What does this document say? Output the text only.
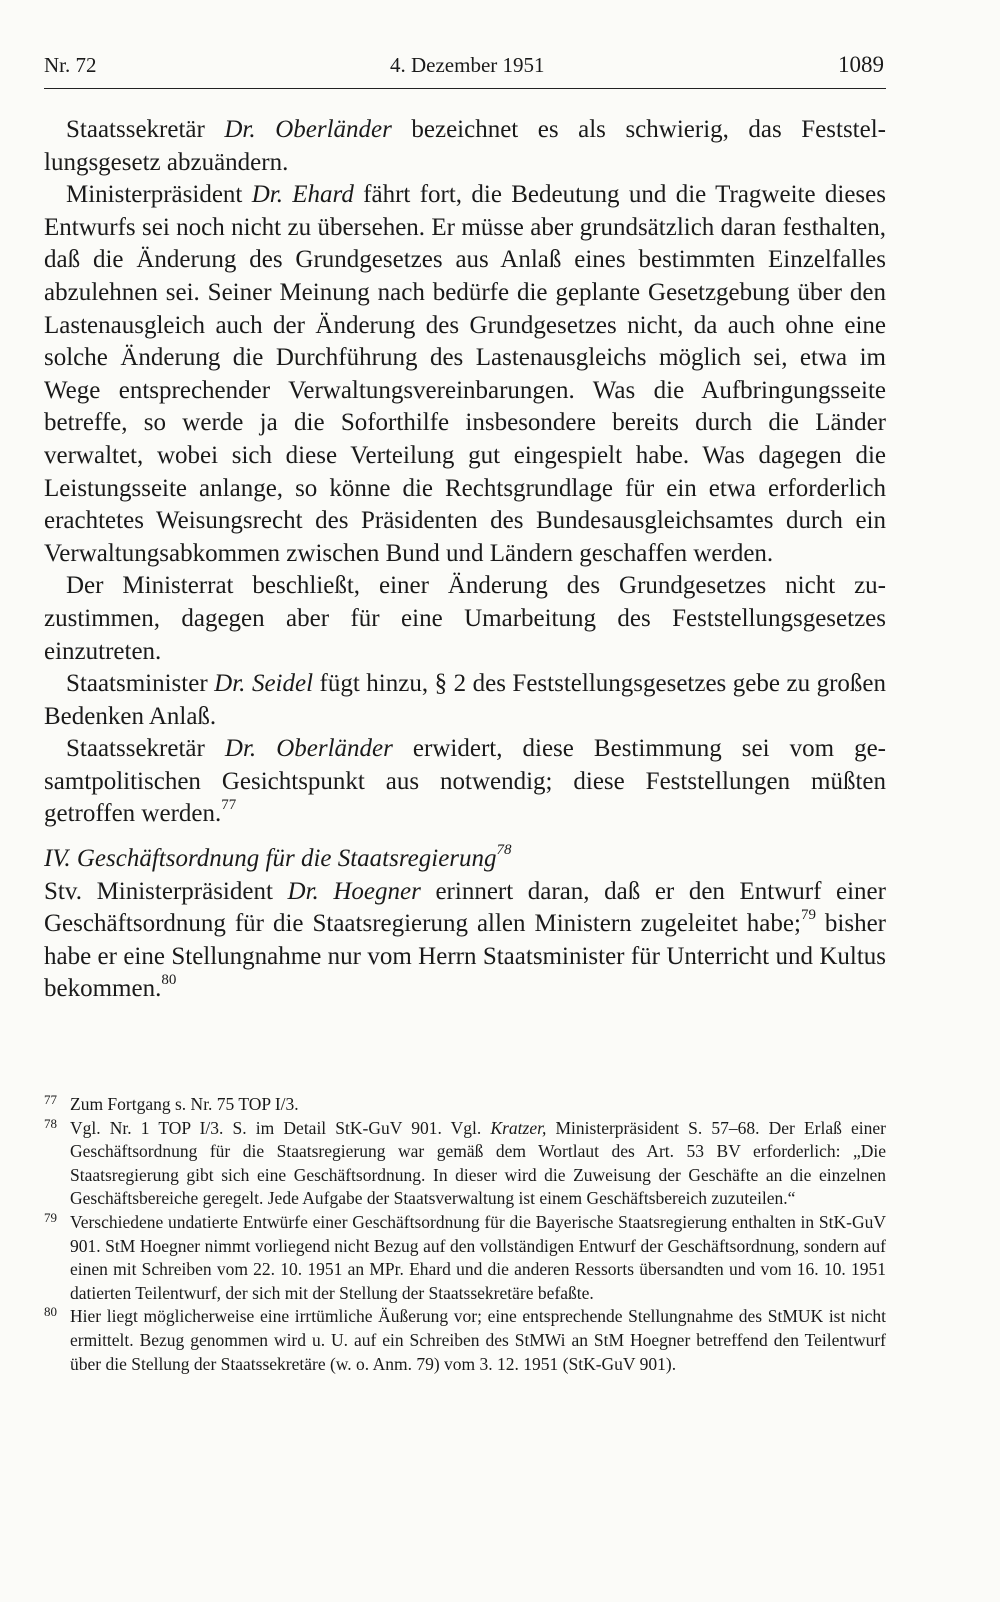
Nr. 72	4. Dezember 1951	1089

Staatssekretär Dr. Oberländer bezeichnet es als schwierig, das Feststellungsgesetz abzuändern.

Ministerpräsident Dr. Ehard fährt fort, die Bedeutung und die Tragweite dieses Entwurfs sei noch nicht zu übersehen. Er müsse aber grundsätzlich daran festhalten, daß die Änderung des Grundgesetzes aus Anlaß eines bestimmten Einzelfalles abzulehnen sei. Seiner Meinung nach bedürfe die geplante Gesetzgebung über den Lastenausgleich auch der Änderung des Grundgesetzes nicht, da auch ohne eine solche Änderung die Durchführung des Lastenausgleichs möglich sei, etwa im Wege entsprechender Verwaltungsvereinbarungen. Was die Aufbringungsseite betreffe, so werde ja die Soforthilfe insbesondere bereits durch die Länder verwaltet, wobei sich diese Verteilung gut eingespielt habe. Was dagegen die Leistungsseite anlange, so könne die Rechtsgrundlage für ein etwa erforderlich erachtetes Weisungsrecht des Präsidenten des Bundesausgleichsamtes durch ein Verwaltungsabkommen zwischen Bund und Ländern geschaffen werden.

Der Ministerrat beschließt, einer Änderung des Grundgesetzes nicht zuzustimmen, dagegen aber für eine Umarbeitung des Feststellungsgesetzes einzutreten.

Staatsminister Dr. Seidel fügt hinzu, § 2 des Feststellungsgesetzes gebe zu großen Bedenken Anlaß.

Staatssekretär Dr. Oberländer erwidert, diese Bestimmung sei vom gesamtpolitischen Gesichtspunkt aus notwendig; diese Feststellungen müßten getroffen werden.$^{77}$

IV. Geschäftsordnung für die Staatsregierung$^{78}$

Stv. Ministerpräsident Dr. Hoegner erinnert daran, daß er den Entwurf einer Geschäftsordnung für die Staatsregierung allen Ministern zugeleitet habe;$^{79}$ bisher habe er eine Stellungnahme nur vom Herrn Staatsminister für Unterricht und Kultus bekommen.$^{80}$

77 Zum Fortgang s. Nr. 75 TOP I/3.

78 Vgl. Nr. 1 TOP I/3. S. im Detail StK-GuV 901. Vgl. Kratzer, Ministerpräsident S. 57–68. Der Erlaß einer Geschäftsordnung für die Staatsregierung war gemäß dem Wortlaut des Art. 53 BV erforderlich: „Die Staatsregierung gibt sich eine Geschäftsordnung. In dieser wird die Zuweisung der Geschäfte an die einzelnen Geschäftsbereiche geregelt. Jede Aufgabe der Staatsverwaltung ist einem Geschäftsbereich zuzuteilen.“

79 Verschiedene undatierte Entwürfe einer Geschäftsordnung für die Bayerische Staatsregierung enthalten in StK-GuV 901. StM Hoegner nimmt vorliegend nicht Bezug auf den vollständigen Entwurf der Geschäftsordnung, sondern auf einen mit Schreiben vom 22. 10. 1951 an MPr. Ehard und die anderen Ressorts übersandten und vom 16. 10. 1951 datierten Teilentwurf, der sich mit der Stellung der Staatssekretäre befaßte.

80 Hier liegt möglicherweise eine irrtümliche Äußerung vor; eine entsprechende Stellungnahme des StMUK ist nicht ermittelt. Bezug genommen wird u. U. auf ein Schreiben des StMWi an StM Hoegner betreffend den Teilentwurf über die Stellung der Staatssekretäre (w. o. Anm. 79) vom 3. 12. 1951 (StK-GuV 901).
